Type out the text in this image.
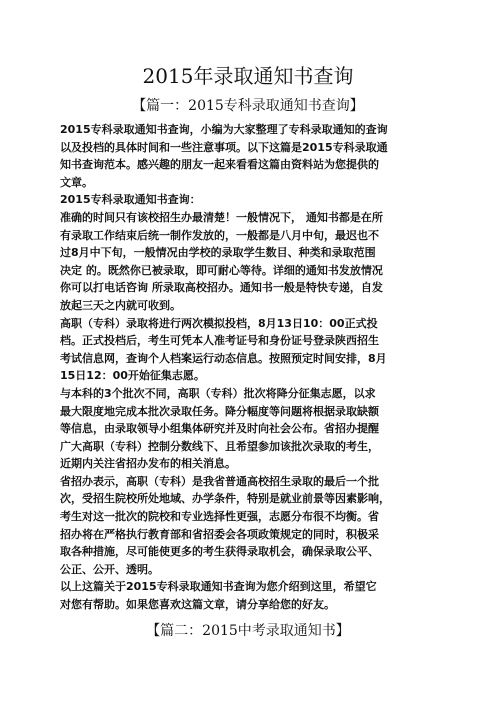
2015年录取通知书查询
【篇一：2015专科录取通知书查询】

2015专科录取通知书查询，小编为大家整理了专科录取通知的查询
以及投档的具体时间和一些注意事项。以下这篇是2015专科录取通
知书查询范本。感兴趣的朋友一起来看看这篇由资料站为您提供的
文章。

2015专科录取通知书查询：

准确的时间只有该校招生办最清楚！一般情况下， 通知书都是在所
有录取工作结束后统一制作发放的，一般都是八月中旬，最迟也不
过8月中下旬，一般情况由学校的录取学生数目、种类和录取范围
决定 的。既然你已被录取，即可耐心等待。详细的通知书发放情况
你可以打电话咨询 所录取高校招办。通知书一般是特快专递，自发
放起三天之内就可收到。

高职（专科）录取将进行两次模拟投档，8月13日10：00正式投
档。正式投档后，考生可凭本人准考证号和身份证号登录陕西招生
考试信息网，查询个人档案运行动态信息。按照预定时间安排，8月
15日12：00开始征集志愿。

与本科的3个批次不同，高职（专科）批次将降分征集志愿，以求
最大限度地完成本批次录取任务。降分幅度等问题将根据录取缺额
等信息，由录取领导小组集体研究并及时向社会公布。省招办提醒
广大高职（专科）控制分数线下、且希望参加该批次录取的考生，
近期内关注省招办发布的相关消息。

省招办表示，高职（专科）是我省普通高校招生录取的最后一个批
次，受招生院校所处地域、办学条件，特别是就业前景等因素影响，
考生对这一批次的院校和专业选择性更强，志愿分布很不均衡。省
招办将在严格执行教育部和省招委会各项政策规定的同时，积极采
取各种措施，尽可能使更多的考生获得录取机会，确保录取公平、
公正、公开、透明。

以上这篇关于2015专科录取通知书查询为您介绍到这里，希望它
对您有帮助。如果您喜欢这篇文章，请分享给您的好友。

【篇二：2015中考录取通知书】
